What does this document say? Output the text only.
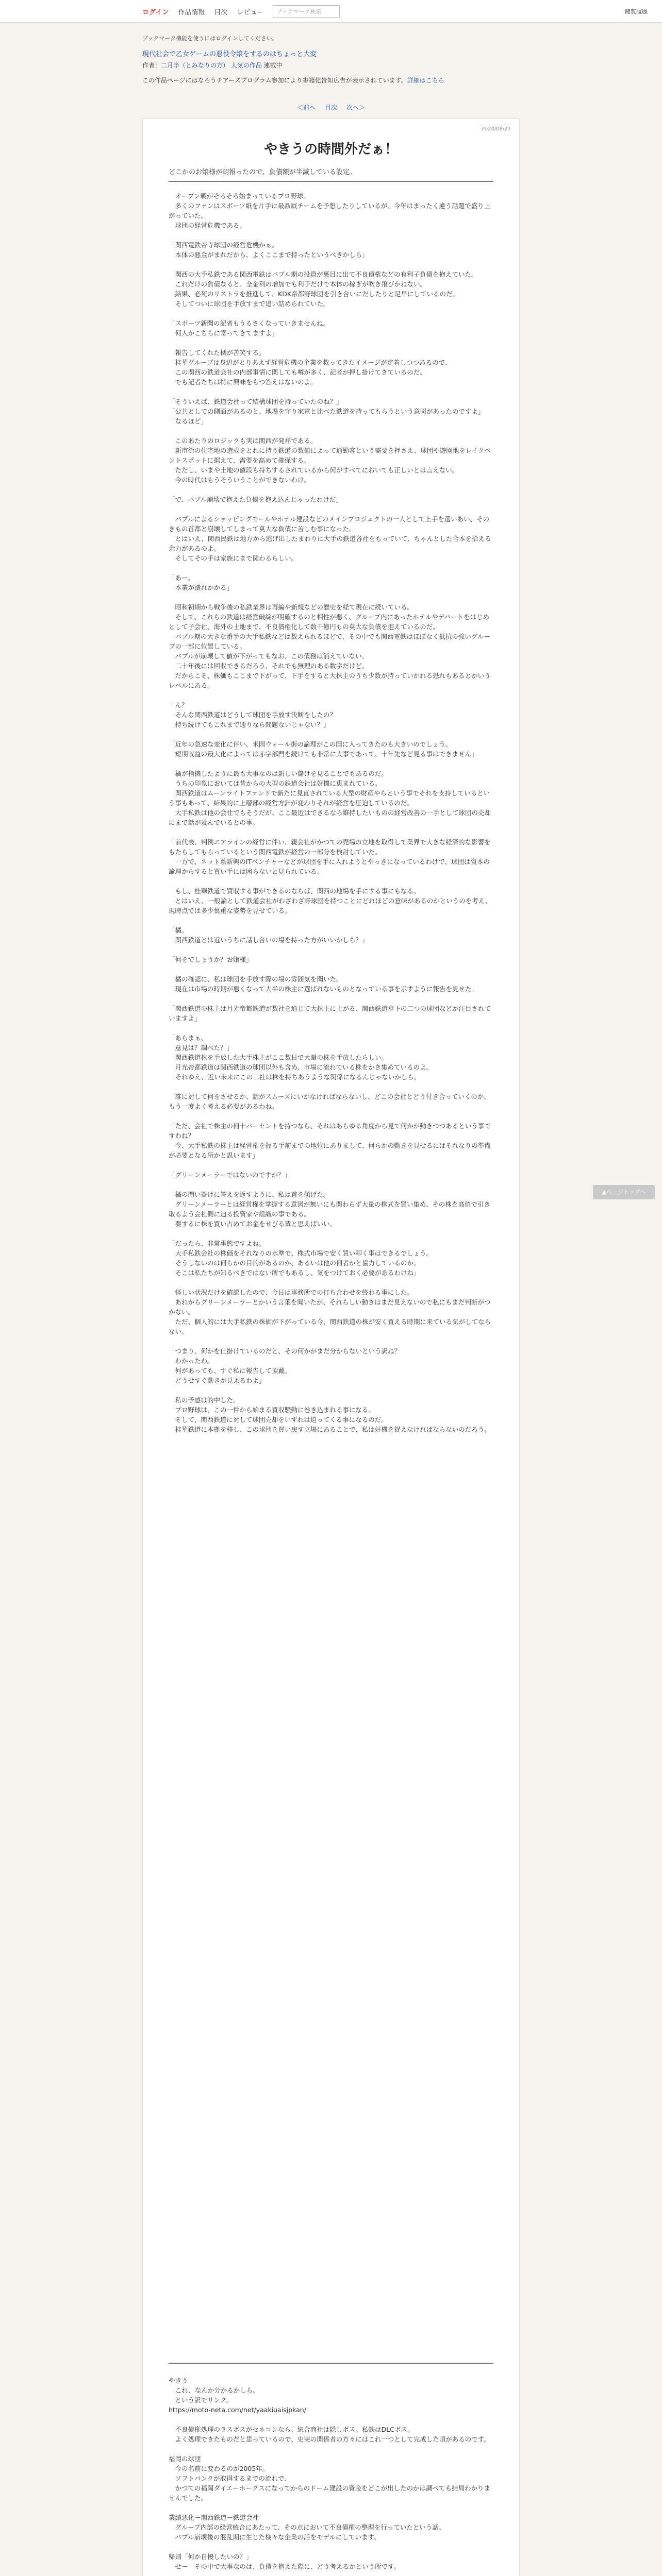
ログイン 作品情報 目次 レビュー	ブックマーク検索	閲覧履歴
ブックマーク機能を使うにはログインしてください。
現代社会で乙女ゲームの悪役令嬢をするのはちょっと大変
作者：二月半（とみなりの方） 人気の作品 連載中
この作品ページにはなろうチアーズプログラム参加により書籍化告知広告が表示されています。詳細はこちら
＜前へ 目次 次へ＞
2024/08/21
やきうの時間外だぁ！
どこかのお嬢様が朗報ったので、負債額が半減している設定。
　オープン戦がそろそろ始まっているプロ野球。
　多くのファンはスポーツ紙を片手に最贔屓チームを予想したりしているが、今年はまったく違う話題で盛り上がっていた。
　球団の経営危機である。

「関西電鉄帝寺球団の経営危機かぁ。
　本体の悪金がまれだから、よくここまで持ったというべきかしら」

　関西の大手私鉄である関西電鉄はバブル期の投資が裏目に出て不良債権などの有利子負債を抱えていた。
　これだけの負債なると、全金利の増加でも利子だけで本体の稼ぎが吹き飛びかねない。
　結果、必死のリストラを推進して、KDK帝都野球団を引き合いにだしたりと足早にしているのだ。
　そしてついに球団を手放すまで追い詰められていた。

「スポーツ新聞の記者もうるさくなっていきませんね。
　何人かこちらに寄ってきてますよ」

　報告してくれた橘が苦笑する。
　桂華グループは身辺がとりあえず経営危機の企業を救ってきたイメージが定着しつつあるので、
　この関西の鉄道会社の内部事情に関しても噂が多く、記者が押し掛けてきているのだ。
　でも記者たちは特に興味をもつ答えはないのよ。

「そういえば、鉄道会社って結構球団を持っていたのね？」
「公共としての側面があるのと、地場を守り家電と比べた鉄道を持ってもらうという意図があったのですよ」
「なるほど」

　このあたりのロジックも実は関西が発祥である。
　新市街の住宅地の造成をとれに持う鉄道の数値によって通勤客という需要を押さえ、球団や遊園地をレイクベントスポットに据えて、需要を高めて確保する。
　ただし、いまや土地の値段も持ちするされているから何がすべてにおいても正しいとは言えない。
　今の時代はもうそういうことができないわけ。

「で、バブル崩壊で抱えた負債を抱え込んじゃったわけだ」

　バブルによるショッピングモールやホテル建設などのメインプロジェクトの一人として上手を選いあい、そのきもの首都と崩壊してしまって莫大な負債に苦しむ事になった。
　とはいえ、関西民鉄は地方から逃げ出したまわりに大手の鉄道各社をもっていて、ちゃんとした合本を拾える余力があるのよ。
　そしてその手は家族にまで関わるらしい。

「あー。
　本業が潰れかかる」

　昭和初期から戦争後の私鉄業界は再編や新規などの歴史を経て現在に続いている。
　そして、これらの鉄道は経営破綻が明確するのと相性が悪く、グループ内にあったホテルやデパートをはじめとして子会社、海外の土地まで、不良債権化して数千億円もの莫大な負債を抱えているのだ。
　バブル期の大きな番手の大手私鉄などは数えられるほどで、その中でも関西電鉄はほぼなく抵抗の強いグループの一部に位置している。
　バブルが崩壊して値が下がってもなお、この債務は消えていない。
　二十年後には回収できるだろう、それでも無理のある数字だけど。
　だからこそ、株価もここまで下がって、下手をすると大株主のうち少数が持っていかれる恐れもあるとかいうレベルにある。

「ん？
　そんな関西鉄道はどうして球団を手放す決断をしたの？
　持ち続けてもこれまで通りなら問題ないじゃない？」

「近年の急速な変化に伴い、米国ウォール街の論理がこの国に入ってきたのも大きいのでしょう。
　短期収益の最大化によっては赤字部門を続けても非常に大事であって、十年先など見る事はできません」

　橘が指摘したように最も大事なのは新しい儲けを見ることでもあるのだ。
　うちの印象においては昔からの大型の鉄道会社は好機に恵まれている。
　関西鉄道はムーンライトファンドで新たに見直されている大型の財産やらという事でそれを支持しているという事もあって、結果的に上層部の経営方針が変わりそれが経営を圧迫しているのだ。
　大手私鉄は他の会社でもそうだが、ここ最近はできるなら維持したいものの経営改善の一手として球団の売却にまで話が及んでいるとの事。

「前代表、判例エアラインの経営に伴い、親会社がかつての売場の立地を取得して業界で大きな経済的な影響をもたらしてもらっているという関西電鉄が経営の一部分を検討していた。
　一方で、ネット系新興のITベンチャーなどが球団を手に入れようとやっきになっているわけで、球団は資本の論理からすると買い手には困らないと見られている。

　もし、桂華鉄道で買収する事ができるのならば、関西の地場を手にする事にもなる。
　とはいえ、一般論として鉄道会社がわざわざ野球団を持つことにどれほどの意味があるのかというのを考え、現時点では多少慎重な姿勢を見せている。

「橘。
　関西鉄道とは近いうちに話し合いの場を持った方がいいかしら？」

「何をでしょうか？お嬢様」

　橘の確認に、私は球団を手放す際の場の雰囲気を聞いた。
　現在は市場の時期が悪くなって大半の株主に選ばれないものとなっている事を示すように報告を見せた。

「関西鉄道の株主は月光帝都鉄道が数社を通じて大株主に上がる、関西鉄道傘下の二つの球団などが注目されていますよ」

「あらまぁ、
　意見は？調べた？」
　関西鉄道株を手放した大手株主がここ数日で大量の株を手放したらしい。
　月光帝都鉄道は関西鉄道の球団以外も含め、市場に流れている株をかき集めているのよ。
　それゆえ、近い未来にこの二社は株を持ちあうような関係になるんじゃないかしら。

　誰に対して何をさせるか、話がスムーズにいかなければならないし、どこの会社とどう付き合っていくのか、もう一度よく考える必要があるわね。

「ただ、会社で株主の何十パーセントを持つなら、それはあらゆる角度から見て何かが動きつつあるという事ですわね？
　今、大手私鉄の株主は経営権を握る手前までの地位にありまして、何らかの動きを見せるにはそれなりの準備が必要となる所かと思います」

「グリーンメーラーではないのですか？」

　橘の問い掛けに答えを返すように、私は首を傾げた。
　グリーンメーラーとは経営権を掌握する意図が無いにも関わらず大量の株式を買い集め、その株を高値で引き取るよう会社側に迫る投資家や組織の事である。
　要するに株を買い占めてお金をせびる輩と思えばいい。

「だったら、非常事態ですよね。
　大手私鉄会社の株価をそれなりの水準で、株式市場で安く買い叩く事はできるでしょう。
　そうしないのは何らかの目的があるのか、あるいは他の何者かと協力しているのか。
　そこは私たちが知るべきではない所でもあるし、気をつけておく必要があるわけね」

　怪しい状況だけを確認したので、今日は事務所での打ち合わせを終わる事にした。
　あれからグリーンメーラーとかいう言葉を聞いたが、それらしい動きはまだ見えないので私にもまだ判断がつかない。
　ただ、個人的には大手私鉄の株価が下がっている今、関西鉄道の株が安く買える時期に来ている気がしてならない。

「つまり、何かを仕掛けているのだと、その何かがまだ分からないという訳ね？
　わかったわ。
　何があっても、すぐ私に報告して頂戴。
　どうせすぐ動きが見えるわよ」

　私の予感は的中した。
　プロ野球は、この一件から始まる買収騒動に巻き込まれる事になる。
　そして、関西鉄道に対して球団売却をいずれは迫ってくる事になるのだ。
　桂華鉄道に本拠を移し、この球団を買い戻す立場にあることで、私は好機を捉えなければならないのだろう。
やきう
　これ、なんか分かるかしら。
　という訳でリンク。
https://moto-neta.com/net/yaakiuaisjpkan/

　不良債権処理のラスボスがセネコンなら、総合商社は隠しボス。私鉄はDLCボス。
　よく処理できたものだと思っているので、史実の関係者の方々にはこれ一つとして完成した頃があるのです。

福岡の球団
　今の名前に変わるのが2005年。
　ソフトバンクが取得するまでの流れで、
　かつての福岡ダイエーホークスになってからのドーム建設の資金をどこが出したのかは調べても結局わかりませんでした。

業績悪化ー関西鉄道ー鉄道会社
　グループ内部の経営統合にあたって、その点において不良債権の整理を行っていたという話。
　バブル崩壊後の混乱期に生じた様々な企業の話をモデルにしています。

帰則「何か自慢したいの？」
　せー　その中で大事なのは、負債を抱えた際に、どう考えるかという所です。
▲ページトップへ
